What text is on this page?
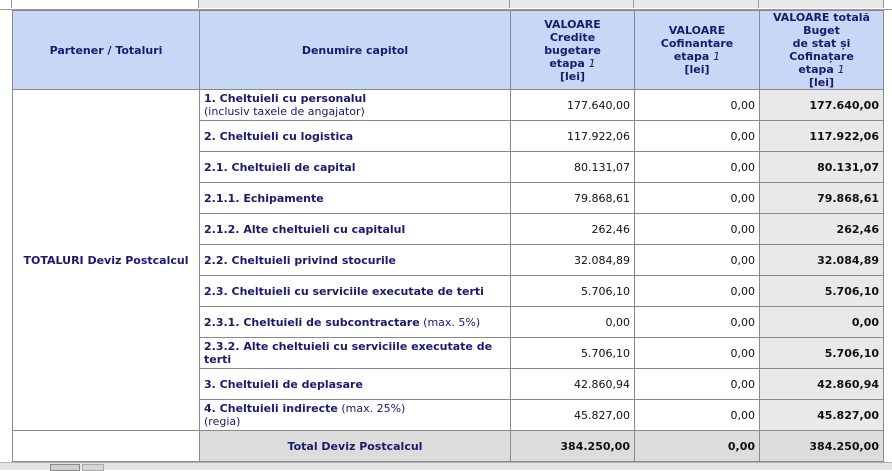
Partener / Totaluri	Denumire capitol	VALOARE
Credite
bugetare
etapa 1
[lei]	VALOARE
Cofinantare
etapa 1
[lei]	VALOARE totală Buget
de stat și Cofinațare
etapa 1
[lei]
TOTALURI Deviz Postcalcul	1. Cheltuieli cu personalul
(inclusiv taxele de angajator)	177.640,00	0,00	177.640,00
	2. Cheltuieli cu logistica	117.922,06	0,00	117.922,06
	2.1. Cheltuieli de capital	80.131,07	0,00	80.131,07
	2.1.1. Echipamente	79.868,61	0,00	79.868,61
	2.1.2. Alte cheltuieli cu capitalul	262,46	0,00	262,46
	2.2. Cheltuieli privind stocurile	32.084,89	0,00	32.084,89
	2.3. Cheltuieli cu serviciile executate de terti	5.706,10	0,00	5.706,10
	2.3.1. Cheltuieli de subcontractare (max. 5%)	0,00	0,00	0,00
	2.3.2. Alte cheltuieli cu serviciile executate de terti	5.706,10	0,00	5.706,10
	3. Cheltuieli de deplasare	42.860,94	0,00	42.860,94
	4. Cheltuieli indirecte (max. 25%)
(regia)	45.827,00	0,00	45.827,00
	Total Deviz Postcalcul	384.250,00	0,00	384.250,00
